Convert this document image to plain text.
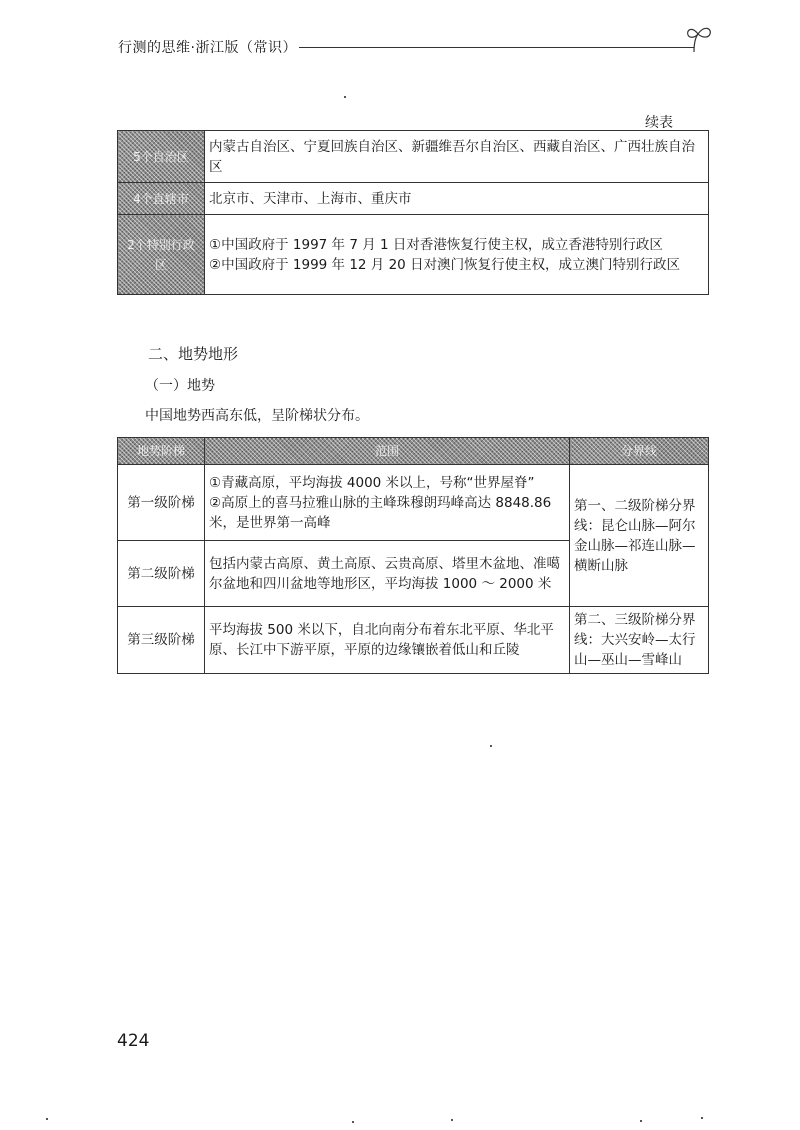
行测的思维·浙江版（常识）
续表
5个自治区	内蒙古自治区、宁夏回族自治区、新疆维吾尔自治区、西藏自治区、广西壮族自治区
4个直辖市	北京市、天津市、上海市、重庆市
2个特别行政区	①中国政府于 1997 年 7 月 1 日对香港恢复行使主权，成立香港特别行政区
②中国政府于 1999 年 12 月 20 日对澳门恢复行使主权，成立澳门特别行政区
二、地势地形
（一）地势
中国地势西高东低，呈阶梯状分布。
地势阶梯	范围	分界线
第一级阶梯	①青藏高原，平均海拔 4000 米以上，号称“世界屋脊”
②高原上的喜马拉雅山脉的主峰珠穆朗玛峰高达 8848.86 米，是世界第一高峰	第一、二级阶梯分界线：昆仑山脉—阿尔金山脉—祁连山脉—横断山脉
第二级阶梯	包括内蒙古高原、黄土高原、云贵高原、塔里木盆地、准噶尔盆地和四川盆地等地形区，平均海拔 1000 ～ 2000 米	
第三级阶梯	平均海拔 500 米以下，自北向南分布着东北平原、华北平原、长江中下游平原，平原的边缘镶嵌着低山和丘陵	第二、三级阶梯分界线：大兴安岭—太行山—巫山—雪峰山
424
